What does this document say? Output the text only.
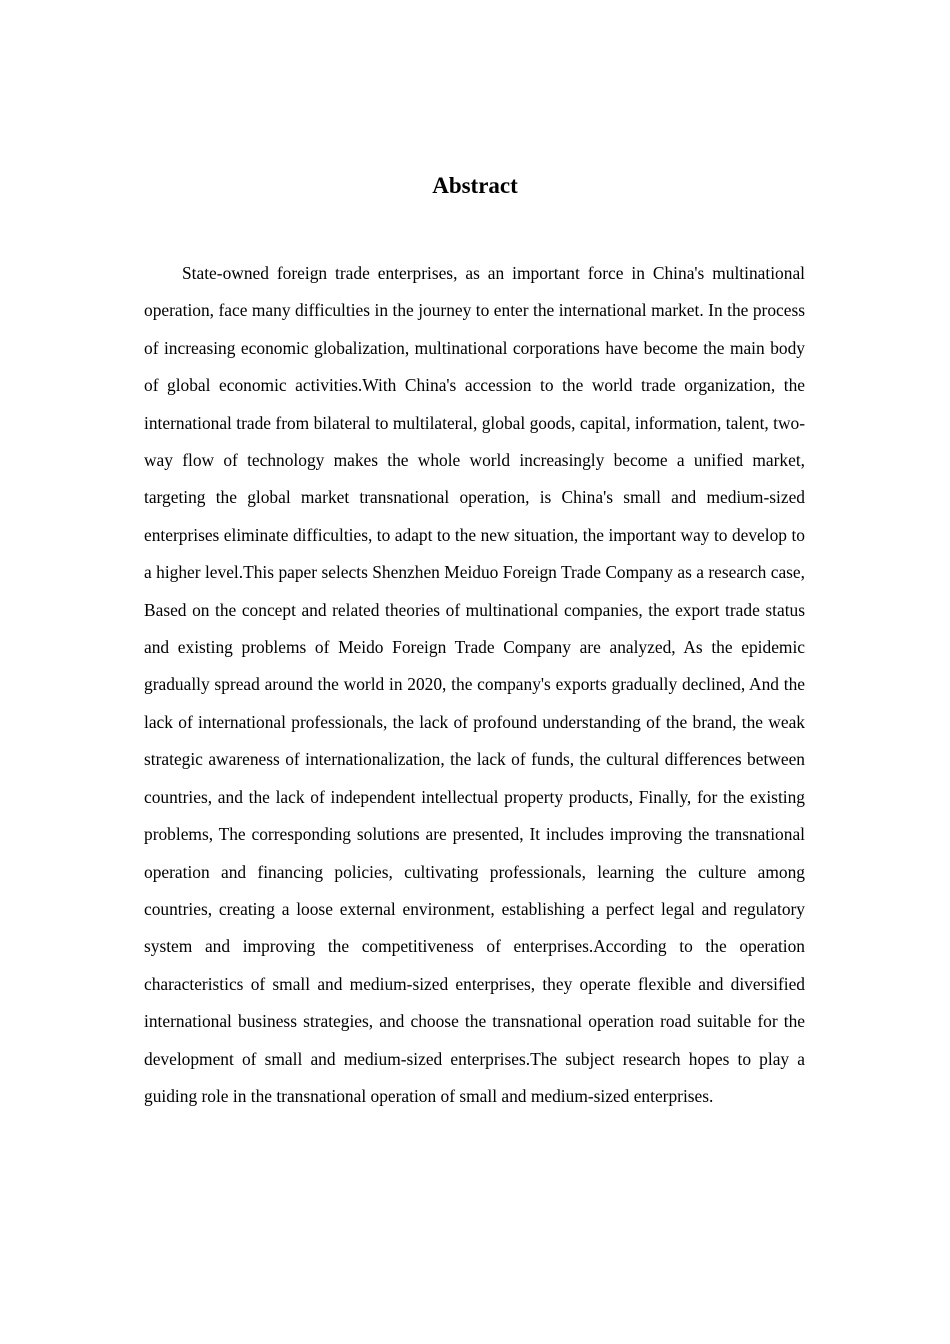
Abstract

State-owned foreign trade enterprises, as an important force in China's multinational operation, face many difficulties in the journey to enter the international market. In the process of increasing economic globalization, multinational corporations have become the main body of global economic activities.With China's accession to the world trade organization, the international trade from bilateral to multilateral, global goods, capital, information, talent, two-way flow of technology makes the whole world increasingly become a unified market, targeting the global market transnational operation, is China's small and medium-sized enterprises eliminate difficulties, to adapt to the new situation, the important way to develop to a higher level.This paper selects Shenzhen Meiduo Foreign Trade Company as a research case, Based on the concept and related theories of multinational companies, the export trade status and existing problems of Meido Foreign Trade Company are analyzed, As the epidemic gradually spread around the world in 2020, the company's exports gradually declined, And the lack of international professionals, the lack of profound understanding of the brand, the weak strategic awareness of internationalization, the lack of funds, the cultural differences between countries, and the lack of independent intellectual property products, Finally, for the existing problems, The corresponding solutions are presented, It includes improving the transnational operation and financing policies, cultivating professionals, learning the culture among countries, creating a loose external environment, establishing a perfect legal and regulatory system and improving the competitiveness of enterprises.According to the operation characteristics of small and medium-sized enterprises, they operate flexible and diversified international business strategies, and choose the transnational operation road suitable for the development of small and medium-sized enterprises.The subject research hopes to play a guiding role in the transnational operation of small and medium-sized enterprises.
